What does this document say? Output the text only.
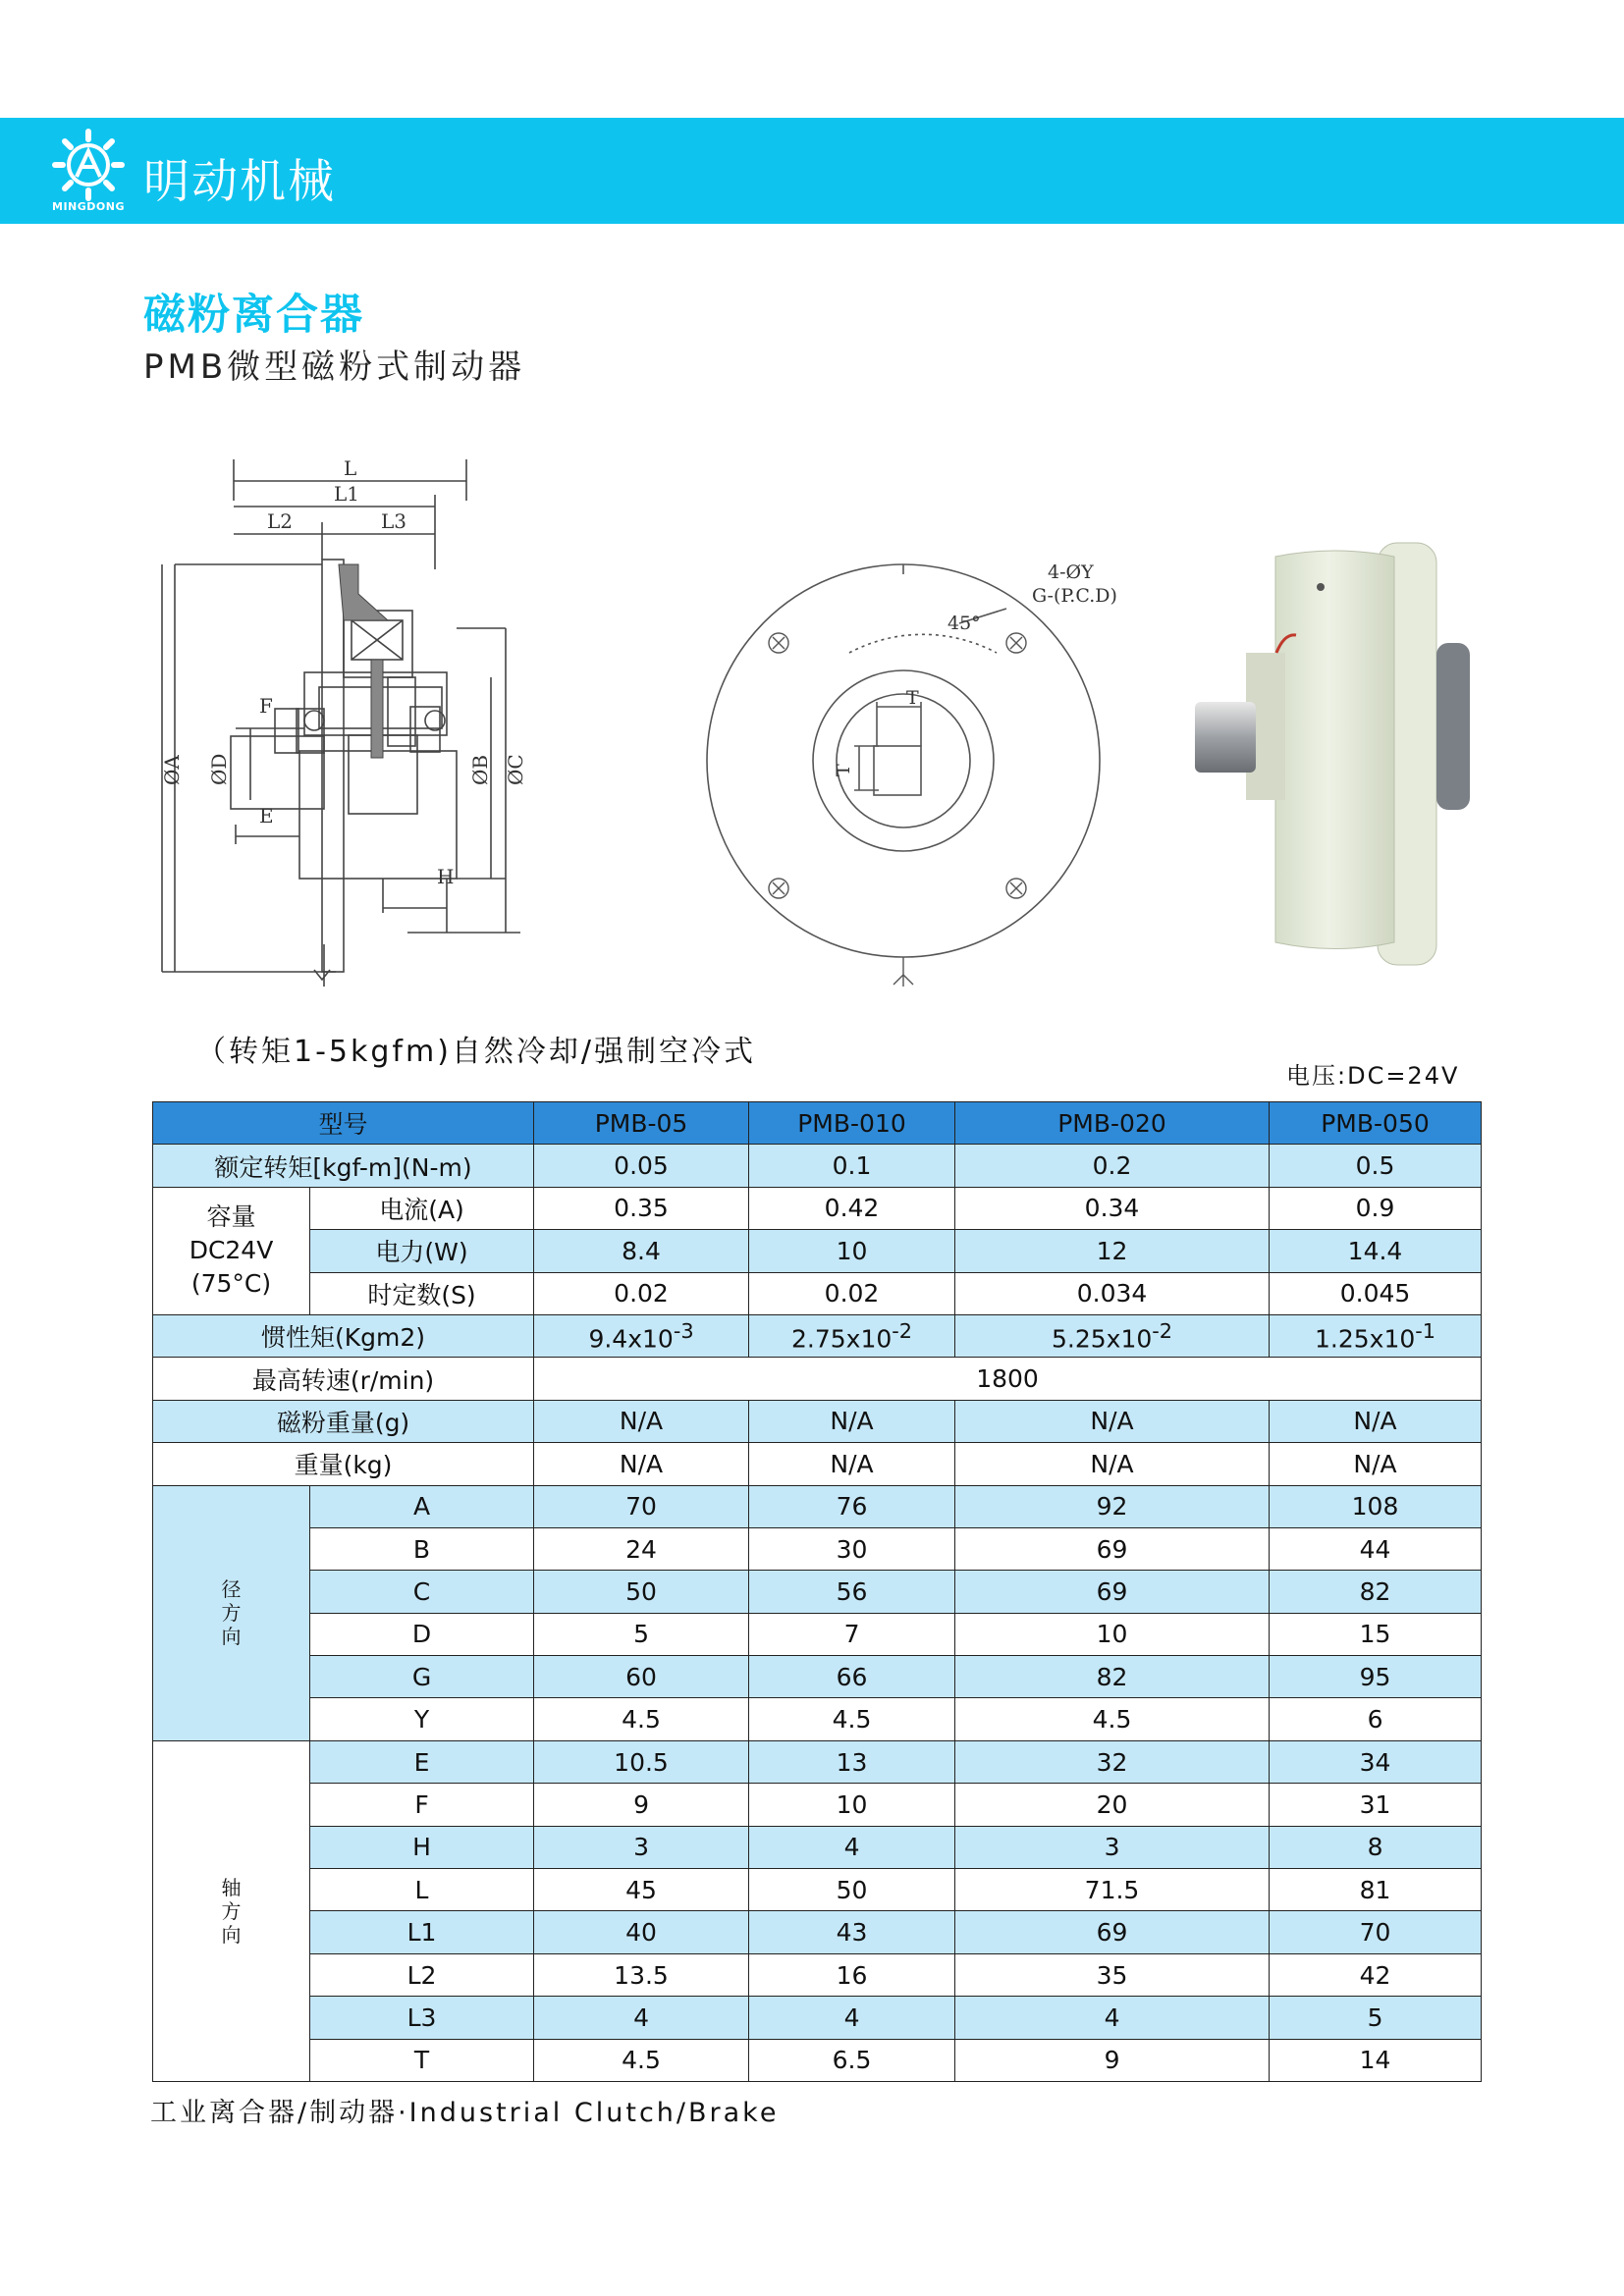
MINGDONG 明动机械
磁粉离合器
PMB微型磁粉式制动器
L
L1
L2	L3
F
E
H
ØA ØD	ØB ØC
4-ØY
G-(P.C.D)
45°
T
T
（转矩1-5kgfm)自然冷却/强制空冷式
电压:DC=24V
型号		PMB-05	PMB-010	PMB-020	PMB-050
额定转矩[kgf-m](N-m)		0.05	0.1	0.2	0.5

容量
DC24V
(75°C)	电流(A)	0.35	0.42	0.34	0.9
	电力(W)	8.4	10	12	14.4
	时定数(S)	0.02	0.02	0.034	0.045
惯性矩(Kgm2)		$9.4x10^{-3}$	$2.75x10^{-2}$	$5.25x10^{-2}$	$1.25x10^{-1}$
最高转速(r/min)		1800			
磁粉重量(g)		N/A	N/A	N/A	N/A
重量(kg)		N/A	N/A	N/A	N/A

径
方
向	A	70	76	92	108
	B	24	30	69	44
	C	50	56	69	82
	D	5	7	10	15
	G	60	66	82	95
	Y	4.5	4.5	4.5	6

轴
方
向	E	10.5	13	32	34
	F	9	10	20	31
	H	3	4	3	8
	L	45	50	71.5	81
	L1	40	43	69	70
	L2	13.5	16	35	42
	L3	4	4	4	5
	T	4.5	6.5	9	14
工业离合器/制动器·Industrial Clutch/Brake
